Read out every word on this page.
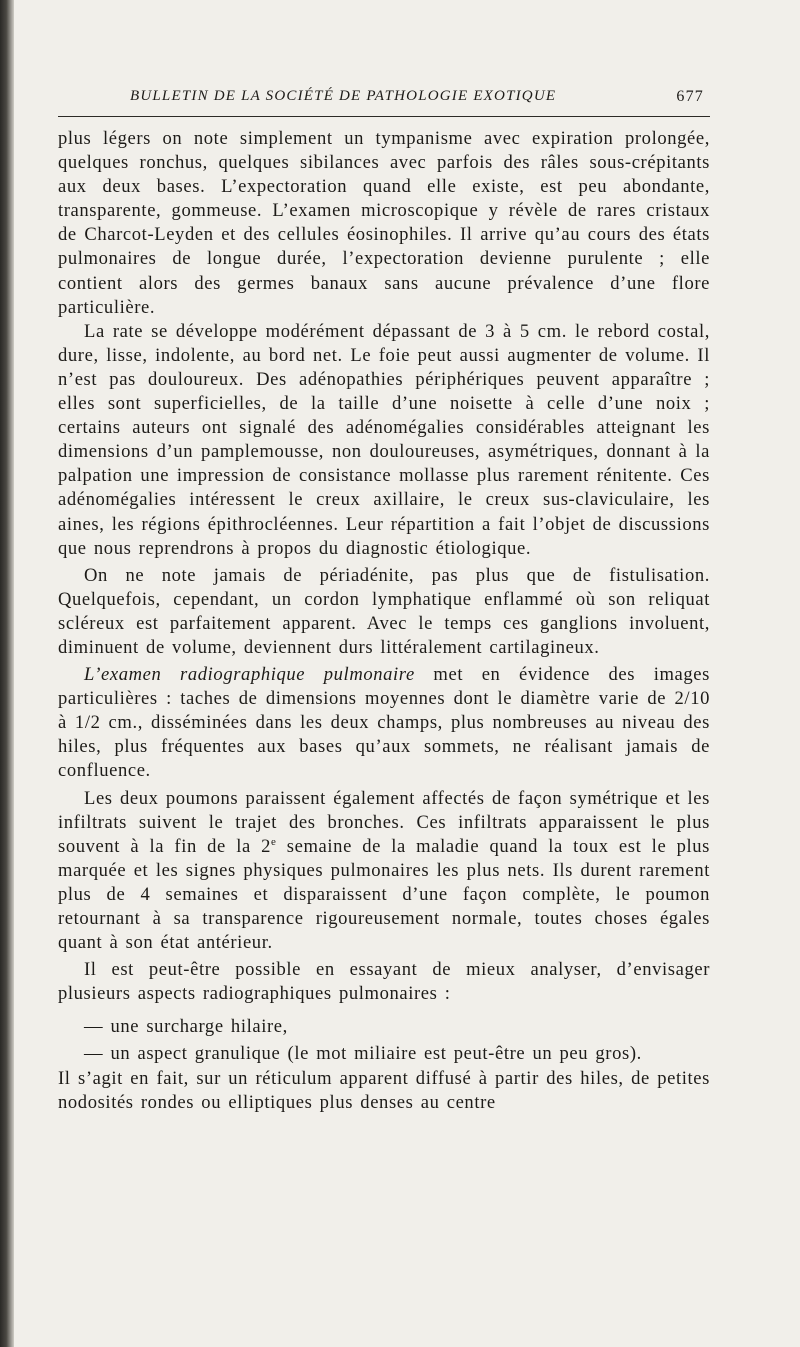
BULLETIN DE LA SOCIÉTÉ DE PATHOLOGIE EXOTIQUE	677

plus légers on note simplement un tympanisme avec expiration prolongée, quelques ronchus, quelques sibilances avec parfois des râles sous-crépitants aux deux bases. L’expectoration quand elle existe, est peu abondante, transparente, gommeuse. L’examen microscopique y révèle de rares cristaux de Charcot-Leyden et des cellules éosinophiles. Il arrive qu’au cours des états pulmonaires de longue durée, l’expectoration devienne purulente ; elle contient alors des germes banaux sans aucune prévalence d’une flore particulière.

La rate se développe modérément dépassant de 3 à 5 cm. le rebord costal, dure, lisse, indolente, au bord net. Le foie peut aussi augmenter de volume. Il n’est pas douloureux. Des adénopathies périphériques peuvent apparaître ; elles sont superficielles, de la taille d’une noisette à celle d’une noix ; certains auteurs ont signalé des adénomégalies considérables atteignant les dimensions d’un pamplemousse, non douloureuses, asymétriques, donnant à la palpation une impression de consistance mollasse plus rarement rénitente. Ces adénomégalies intéressent le creux axillaire, le creux sus-claviculaire, les aines, les régions épithrocléennes. Leur répartition a fait l’objet de discussions que nous reprendrons à propos du diagnostic étiologique.

On ne note jamais de périadénite, pas plus que de fistulisation. Quelquefois, cependant, un cordon lymphatique enflammé où son reliquat scléreux est parfaitement apparent. Avec le temps ces ganglions involuent, diminuent de volume, deviennent durs littéralement cartilagineux.

L’examen radiographique pulmonaire met en évidence des images particulières : taches de dimensions moyennes dont le diamètre varie de 2/10 à 1/2 cm., disséminées dans les deux champs, plus nombreuses au niveau des hiles, plus fréquentes aux bases qu’aux sommets, ne réalisant jamais de confluence.

Les deux poumons paraissent également affectés de façon symétrique et les infiltrats suivent le trajet des bronches. Ces infiltrats apparaissent le plus souvent à la fin de la 2e semaine de la maladie quand la toux est le plus marquée et les signes physiques pulmonaires les plus nets. Ils durent rarement plus de 4 semaines et disparaissent d’une façon complète, le poumon retournant à sa transparence rigoureusement normale, toutes choses égales quant à son état antérieur.

Il est peut-être possible en essayant de mieux analyser, d’envisager plusieurs aspects radiographiques pulmonaires :

— une surcharge hilaire,

— un aspect granulique (le mot miliaire est peut-être un peu gros).

Il s’agit en fait, sur un réticulum apparent diffusé à partir des hiles, de petites nodosités rondes ou elliptiques plus denses au centre
